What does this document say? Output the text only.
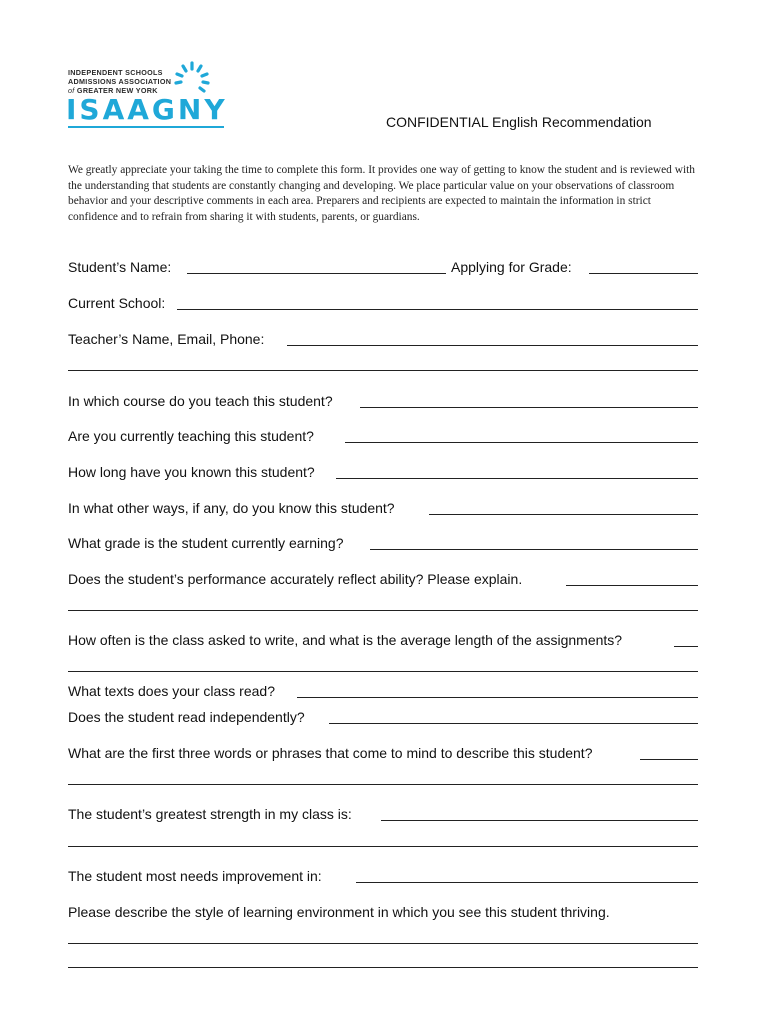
INDEPENDENT SCHOOLS
ADMISSIONS ASSOCIATION
of GREATER NEW YORK
ISAAGNY	CONFIDENTIAL English Recommendation
We greatly appreciate your taking the time to complete this form. It provides one way of getting to know the student and is reviewed with the understanding that students are constantly changing and developing. We place particular value on your observations of classroom behavior and your descriptive comments in each area. Preparers and recipients are expected to maintain the information in strict confidence and to refrain from sharing it with students, parents, or guardians.
Student’s Name:	Applying for Grade:
Current School:
Teacher’s Name, Email, Phone:
In which course do you teach this student?
Are you currently teaching this student?
How long have you known this student?
In what other ways, if any, do you know this student?
What grade is the student currently earning?
Does the student’s performance accurately reflect ability? Please explain.
How often is the class asked to write, and what is the average length of the assignments?
What texts does your class read?
Does the student read independently?
What are the first three words or phrases that come to mind to describe this student?
The student’s greatest strength in my class is:
The student most needs improvement in:
Please describe the style of learning environment in which you see this student thriving.
